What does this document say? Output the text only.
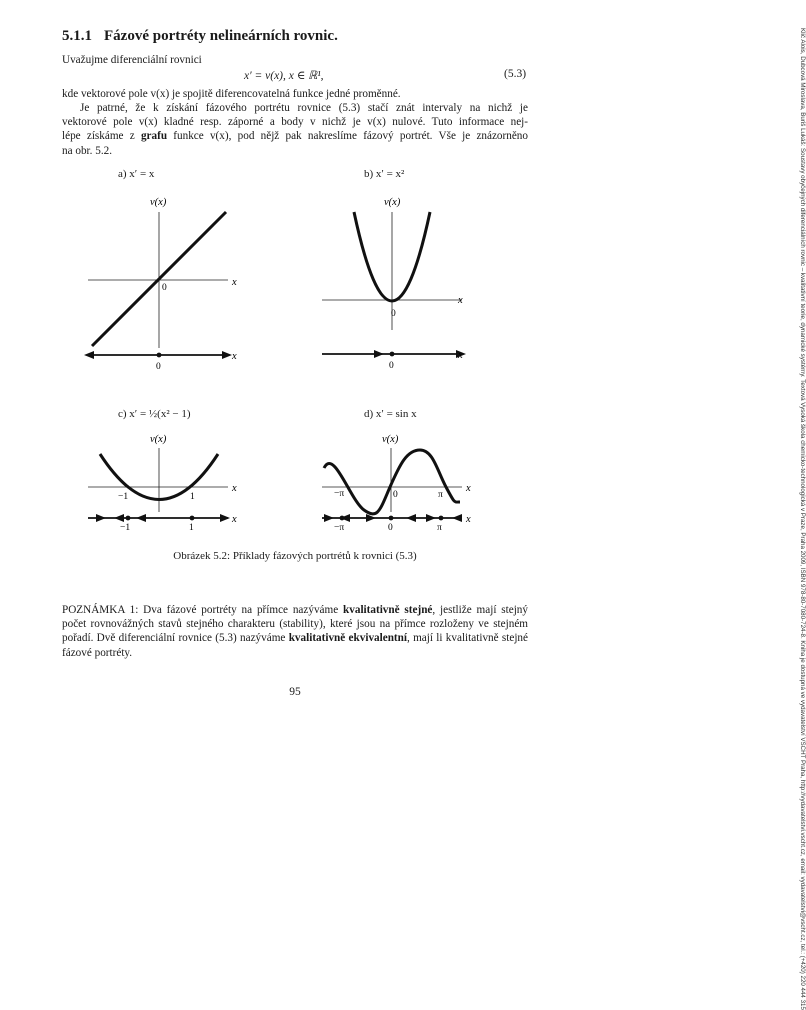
5.1.1 Fázové portréty nelineárních rovnic.
Uvažujme diferenciální rovnici
x′ = v(x), x ∈ ℝ¹,	(5.3)
kde vektorové pole v(x) je spojitě diferencovatelná funkce jedné proměnné.
Je patrné, že k získání fázového portrétu rovnice (5.3) stačí znát intervaly na nichž je
vektorové pole v(x) kladné resp. záporné a body v nichž je v(x) nulové. Tuto informace nej-
lépe získáme z grafu funkce v(x), pod nějž pak nakreslíme fázový portrét. Vše je znázorněno
na obr. 5.2.
a) x′ = x	b) x′ = x²
c) x′ = ½(x² − 1)	d) x′ = sin x
v(x)
x
0
x
0
v(x)
x
0
x
0
v(x)
x
−1	1
x
−1	1
v(x)
x
−π	0	π
x
−π	0	π
Obrázek 5.2: Příklady fázových portrétů k rovnici (5.3)
POZNÁMKA 1: Dva fázové portréty na přímce nazýváme kvalitativně stejné, jestliže mají stejný počet rovnovážných stavů stejného charakteru (stability), které jsou na přímce rozloženy ve stejném pořadí. Dvě diferenciální rovnice (5.3) nazýváme kvalitativně ekvivalentní, mají li kvalitativně stejné fázové portréty.
95	Klič Alois, Dubcová Miroslava, Buriš Lukáš: Soustavy obyčejných diferenciálních rovnic – kvalitativní teorie, dynamické systémy. Textová Vysoká škola chemicko-technologická v Praze, Praha 2009, ISBN 978-80-7080-724-8. Kniha je dostupná ve vydavatelství VŠCHT Praha, http://vydavatelstvi.vscht.cz, email: vydavatelstvi@vscht.cz, tel.: (+420) 220 444 315
